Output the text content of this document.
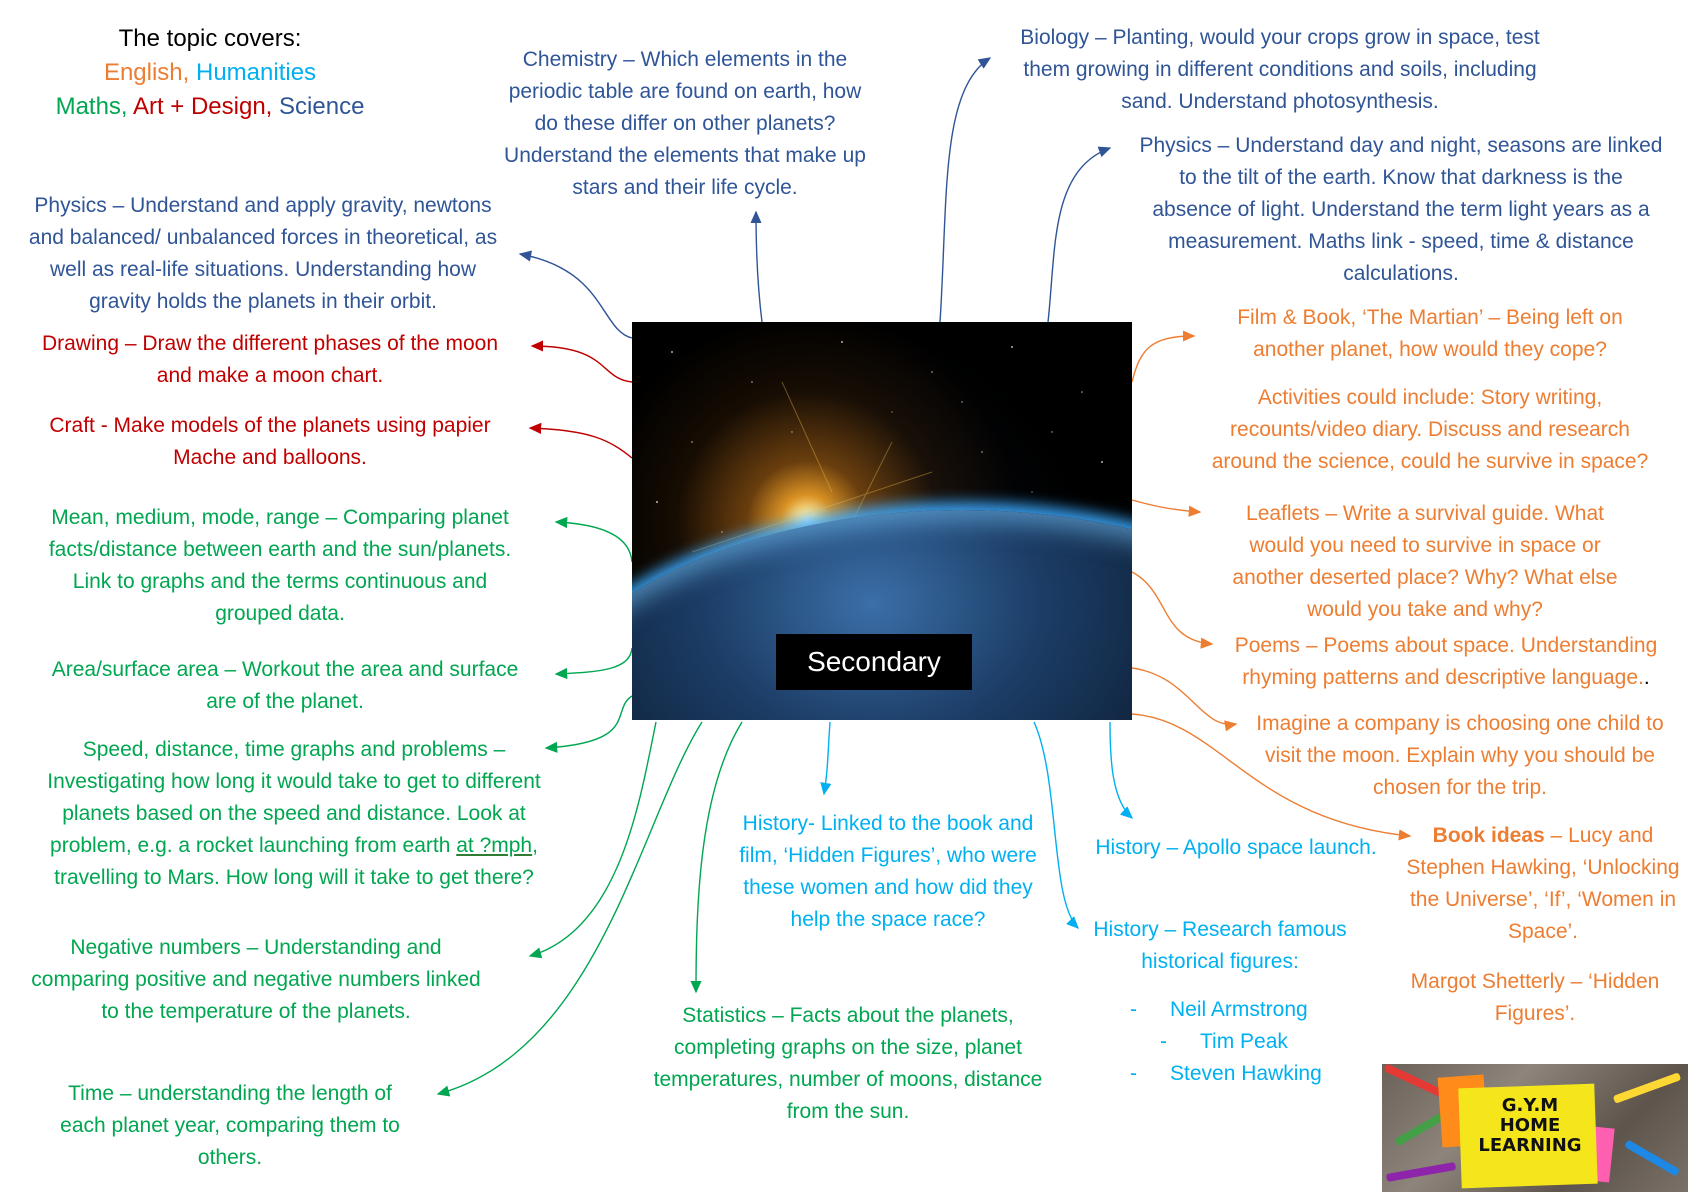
The topic covers:

English, Humanities

Maths, Art + Design, Science

Secondary

Chemistry – Which elements in the

periodic table are found on earth, how

do these differ on other planets?

Understand the elements that make up

stars and their life cycle.

Biology – Planting, would your crops grow in space, test

them growing in different conditions and soils, including

sand. Understand photosynthesis.

Physics – Understand and apply gravity, newtons

and balanced/ unbalanced forces in theoretical, as

well as real-life situations. Understanding how

gravity holds the planets in their orbit.

Physics – Understand day and night, seasons are linked

to the tilt of the earth. Know that darkness is the

absence of light. Understand the term light years as a

measurement. Maths link - speed, time & distance

calculations.

Drawing – Draw the different phases of the moon

and make a moon chart.

Craft - Make models of the planets using papier

Mache and balloons.

Mean, medium, mode, range – Comparing planet

facts/distance between earth and the sun/planets.

Link to graphs and the terms continuous and

grouped data.

Area/surface area – Workout the area and surface

are of the planet.

Speed, distance, time graphs and problems –

Investigating how long it would take to get to different

planets based on the speed and distance. Look at

problem, e.g. a rocket launching from earth at ?mph,

travelling to Mars. How long will it take to get there?

Negative numbers – Understanding and

comparing positive and negative numbers linked

to the temperature of the planets.

Time – understanding the length of

each planet year, comparing them to

others.

Statistics – Facts about the planets,

completing graphs on the size, planet

temperatures, number of moons, distance

from the sun.

Film & Book, ‘The Martian’ – Being left on

another planet, how would they cope?

Activities could include: Story writing,

recounts/video diary. Discuss and research

around the science, could he survive in space?

Leaflets – Write a survival guide. What

would you need to survive in space or

another deserted place? Why? What else

would you take and why?

Poems – Poems about space. Understanding

rhyming patterns and descriptive language..

Imagine a company is choosing one child to

visit the moon. Explain why you should be

chosen for the trip.

Book ideas – Lucy and

Stephen Hawking, ‘Unlocking

the Universe’, ‘If’, ‘Women in

Space’.

Margot Shetterly – ‘Hidden

Figures’.

History- Linked to the book and

film, ‘Hidden Figures’, who were

these women and how did they

help the space race?

History – Apollo space launch.

History – Research famous

historical figures:

- Neil Armstrong

- Tim Peak

- Steven Hawking

G.Y.M
HOME
LEARNING
